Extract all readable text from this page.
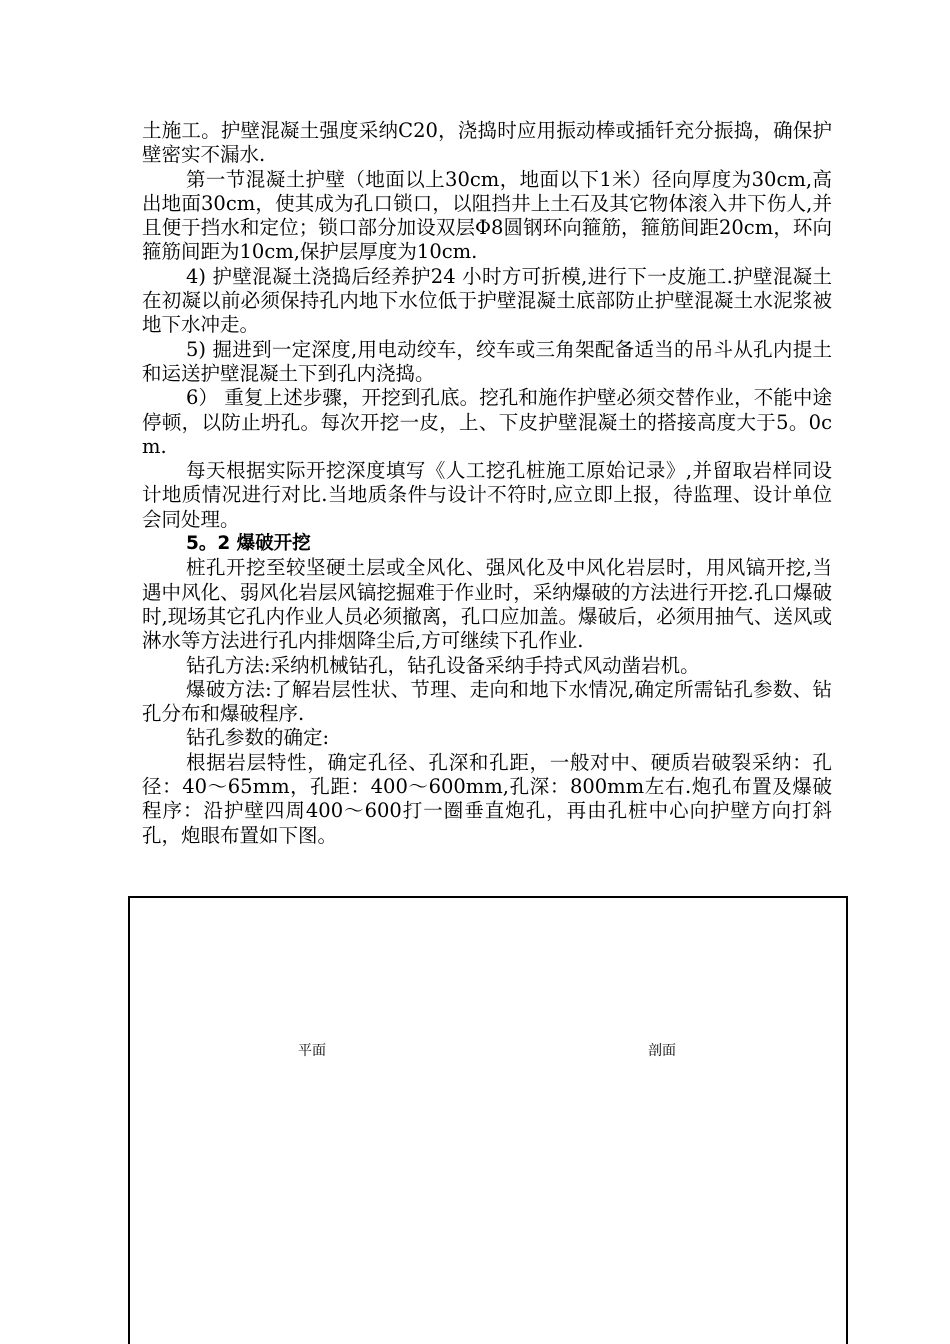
土施工。护壁混凝土强度采纳C20，浇捣时应用振动棒或插钎充分振捣，确保护壁密实不漏水.

第一节混凝土护壁（地面以上30cm，地面以下1米）径向厚度为30cm,高出地面30cm，使其成为孔口锁口，以阻挡井上土石及其它物体滚入井下伤人,并且便于挡水和定位；锁口部分加设双层Φ8圆钢环向箍筋，箍筋间距20cm，环向箍筋间距为10cm,保护层厚度为10cm.

4) 护壁混凝土浇捣后经养护24 小时方可折模,进行下一皮施工.护壁混凝土在初凝以前必须保持孔内地下水位低于护壁混凝土底部防止护壁混凝土水泥浆被地下水冲走。

5) 掘进到一定深度,用电动绞车，绞车或三角架配备适当的吊斗从孔内提土和运送护壁混凝土下到孔内浇捣。

6） 重复上述步骤，开挖到孔底。挖孔和施作护壁必须交替作业，不能中途停顿，以防止坍孔。每次开挖一皮，上、下皮护壁混凝土的搭接高度大于5。0cm.

每天根据实际开挖深度填写《人工挖孔桩施工原始记录》,并留取岩样同设计地质情况进行对比.当地质条件与设计不符时,应立即上报，待监理、设计单位会同处理。

5。2 爆破开挖

桩孔开挖至较坚硬土层或全风化、强风化及中风化岩层时，用风镐开挖,当遇中风化、弱风化岩层风镐挖掘难于作业时，采纳爆破的方法进行开挖.孔口爆破时,现场其它孔内作业人员必须撤离，孔口应加盖。爆破后，必须用抽气、送风或淋水等方法进行孔内排烟降尘后,方可继续下孔作业.

钻孔方法:采纳机械钻孔，钻孔设备采纳手持式风动凿岩机。

爆破方法:了解岩层性状、节理、走向和地下水情况,确定所需钻孔参数、钻孔分布和爆破程序.

钻孔参数的确定:

根据岩层特性，确定孔径、孔深和孔距，一般对中、硬质岩破裂采纳：孔径：40～65mm，孔距：400～600mm,孔深：800mm左右.炮孔布置及爆破程序：沿护壁四周400～600打一圈垂直炮孔，再由孔桩中心向护壁方向打斜孔，炮眼布置如下图。

平面	剖面
